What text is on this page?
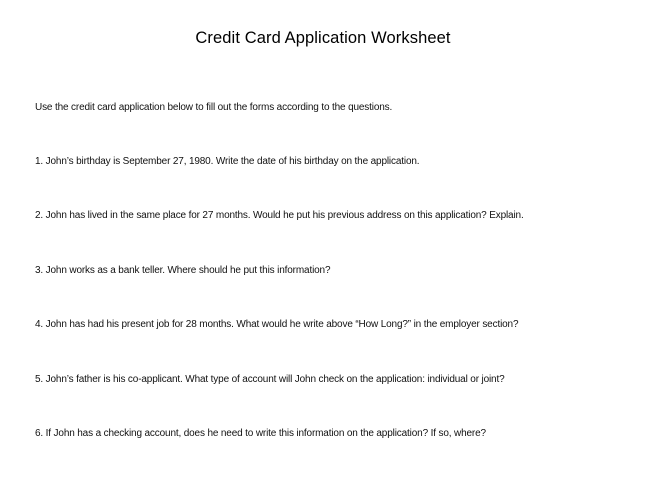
Credit Card Application Worksheet
Use the credit card application below to fill out the forms according to the questions.
1. John’s birthday is September 27, 1980. Write the date of his birthday on the application.
2. John has lived in the same place for 27 months. Would he put his previous address on this application? Explain.
3. John works as a bank teller. Where should he put this information?
4. John has had his present job for 28 months. What would he write above “How Long?” in the employer section?
5. John’s father is his co-applicant. What type of account will John check on the application: individual or joint?
6. If John has a checking account, does he need to write this information on the application? If so, where?
